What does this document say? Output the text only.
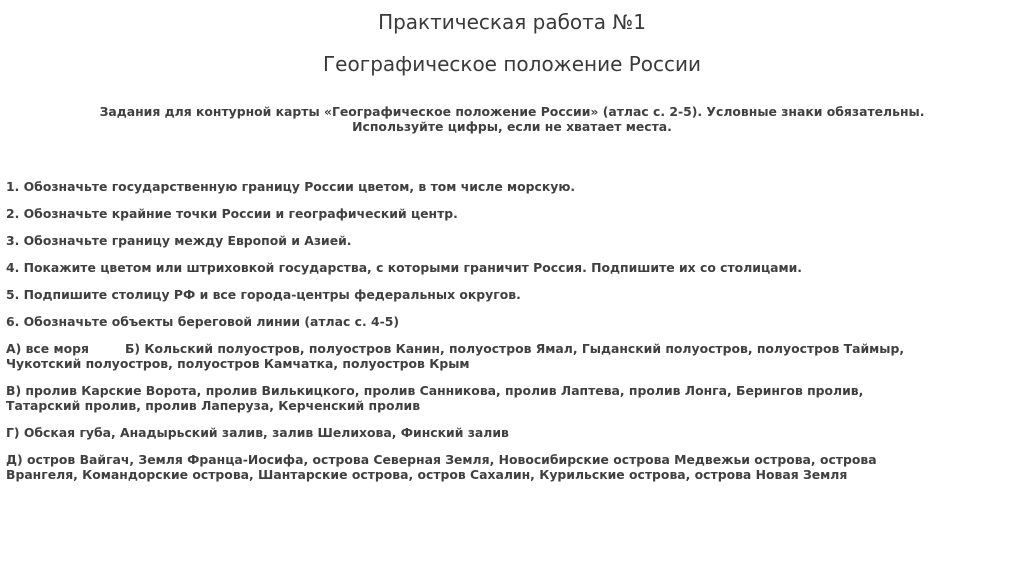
Практическая работа №1
Географическое положение России
Задания для контурной карты «Географическое положение России» (атлас с. 2-5). Условные знаки обязательны.
Используйте цифры, если не хватает места.
1. Обозначьте государственную границу России цветом, в том числе морскую.
2. Обозначьте крайние точки России и географический центр.
3. Обозначьте границу между Европой и Азией.
4. Покажите цветом или штриховкой государства, с которыми граничит Россия. Подпишите их со столицами.
5. Подпишите столицу РФ и все города-центры федеральных округов.
6. Обозначьте объекты береговой линии (атлас с. 4-5)
А) все моря	Б) Кольский полуостров, полуостров Канин, полуостров Ямал, Гыданский полуостров, полуостров Таймыр,
Чукотский полуостров, полуостров Камчатка, полуостров Крым
В) пролив Карские Ворота, пролив Вилькицкого, пролив Санникова, пролив Лаптева, пролив Лонга, Берингов пролив,
Татарский пролив, пролив Лаперуза, Керченский пролив
Г) Обская губа, Анадырьский залив, залив Шелихова, Финский залив
Д) остров Вайгач, Земля Франца-Иосифа, острова Северная Земля, Новосибирские острова Медвежьи острова, острова
Врангеля, Командорские острова, Шантарские острова, остров Сахалин, Курильские острова, острова Новая Земля
